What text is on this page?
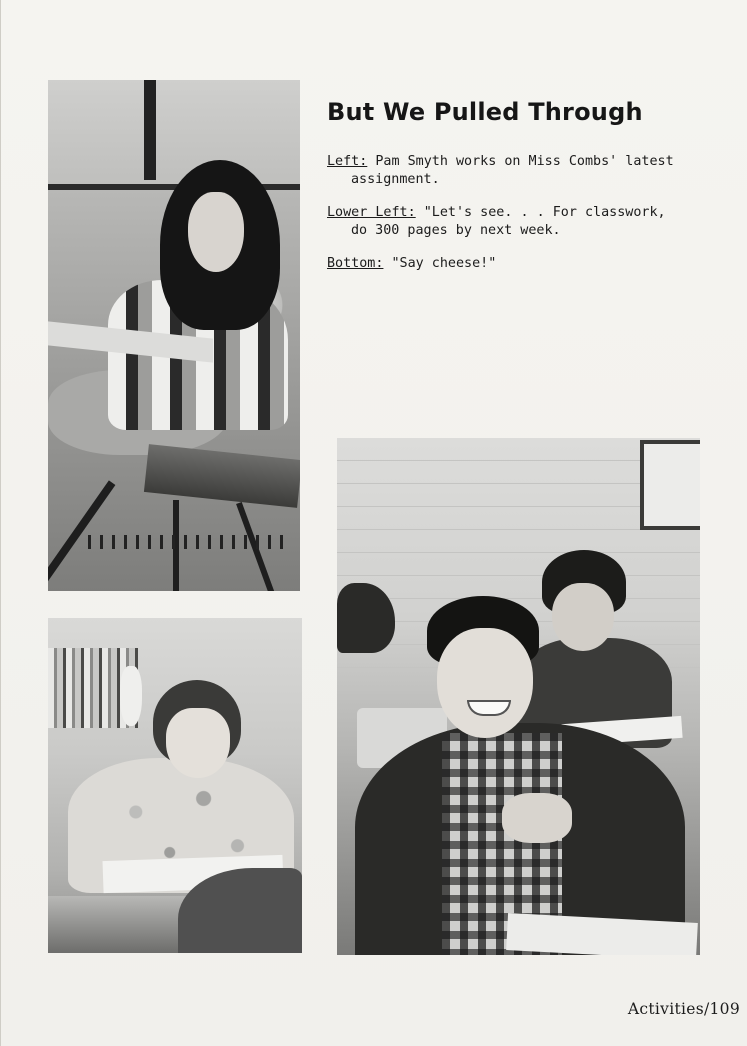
But We Pulled Through

Left: Pam Smyth works on Miss Combs' latest
assignment.

Lower Left: "Let's see. . . For classwork,
do 300 pages by next week.

Bottom: "Say cheese!"

Activities/109
